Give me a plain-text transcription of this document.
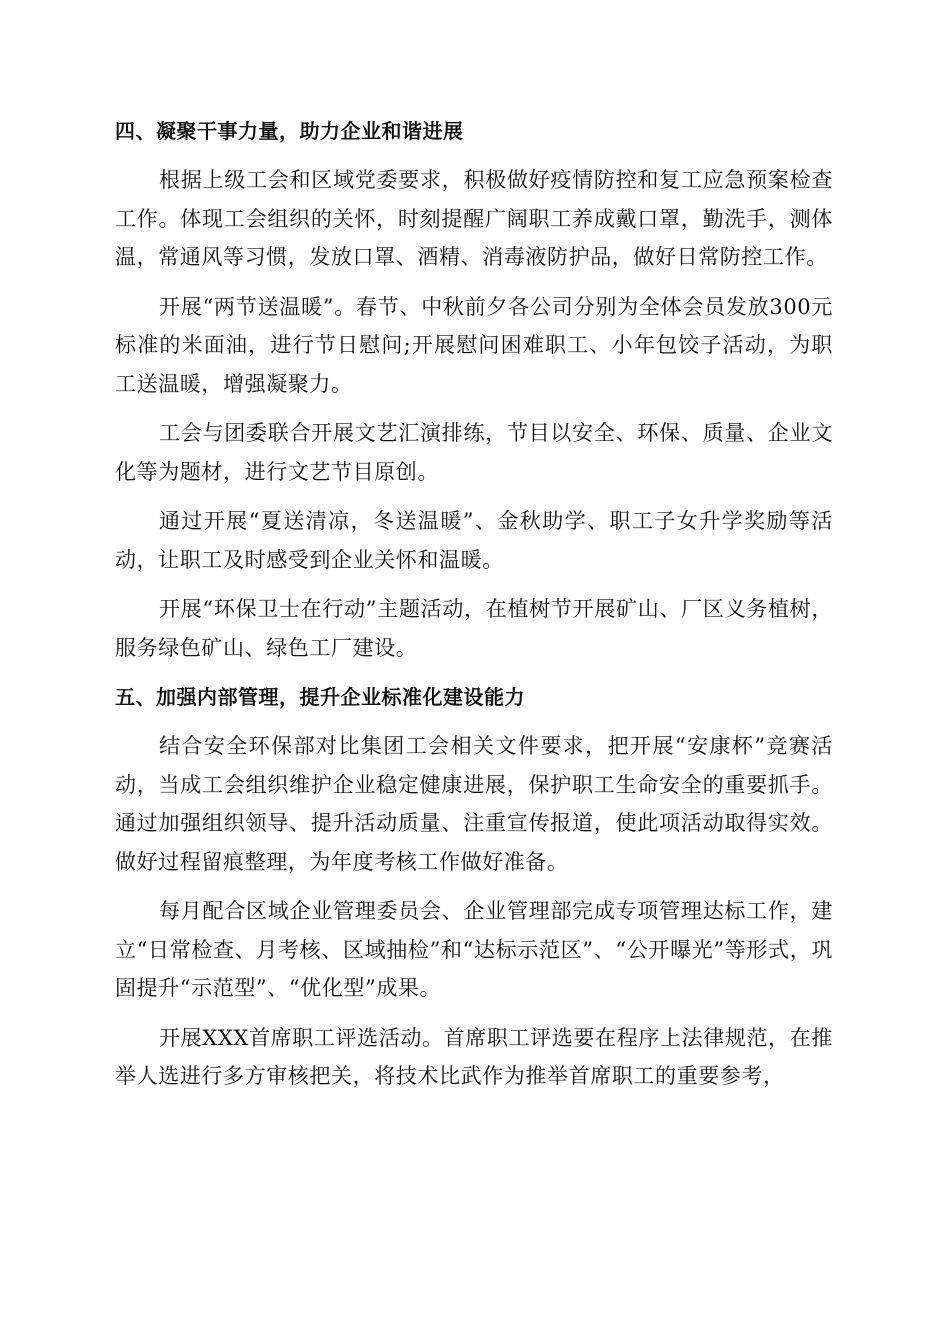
四、凝聚干事力量，助力企业和谐进展

根据上级工会和区域党委要求，积极做好疫情防控和复工应急预案检查工作。体现工会组织的关怀，时刻提醒广阔职工养成戴口罩，勤洗手，测体温，常通风等习惯，发放口罩、酒精、消毒液防护品，做好日常防控工作。

开展“两节送温暖”。春节、中秋前夕各公司分别为全体会员发放300元标准的米面油，进行节日慰问;开展慰问困难职工、小年包饺子活动，为职工送温暖，增强凝聚力。

工会与团委联合开展文艺汇演排练，节目以安全、环保、质量、企业文化等为题材，进行文艺节目原创。

通过开展“夏送清凉，冬送温暖”、金秋助学、职工子女升学奖励等活动，让职工及时感受到企业关怀和温暖。

开展“环保卫士在行动”主题活动，在植树节开展矿山、厂区义务植树，服务绿色矿山、绿色工厂建设。

五、加强内部管理，提升企业标准化建设能力

结合安全环保部对比集团工会相关文件要求，把开展“安康杯”竞赛活动，当成工会组织维护企业稳定健康进展，保护职工生命安全的重要抓手。通过加强组织领导、提升活动质量、注重宣传报道，使此项活动取得实效。做好过程留痕整理，为年度考核工作做好准备。

每月配合区域企业管理委员会、企业管理部完成专项管理达标工作，建立“日常检查、月考核、区域抽检”和“达标示范区”、“公开曝光”等形式，巩固提升“示范型”、“优化型”成果。

开展XXX首席职工评选活动。首席职工评选要在程序上法律规范，在推举人选进行多方审核把关，将技术比武作为推举首席职工的重要参考，
